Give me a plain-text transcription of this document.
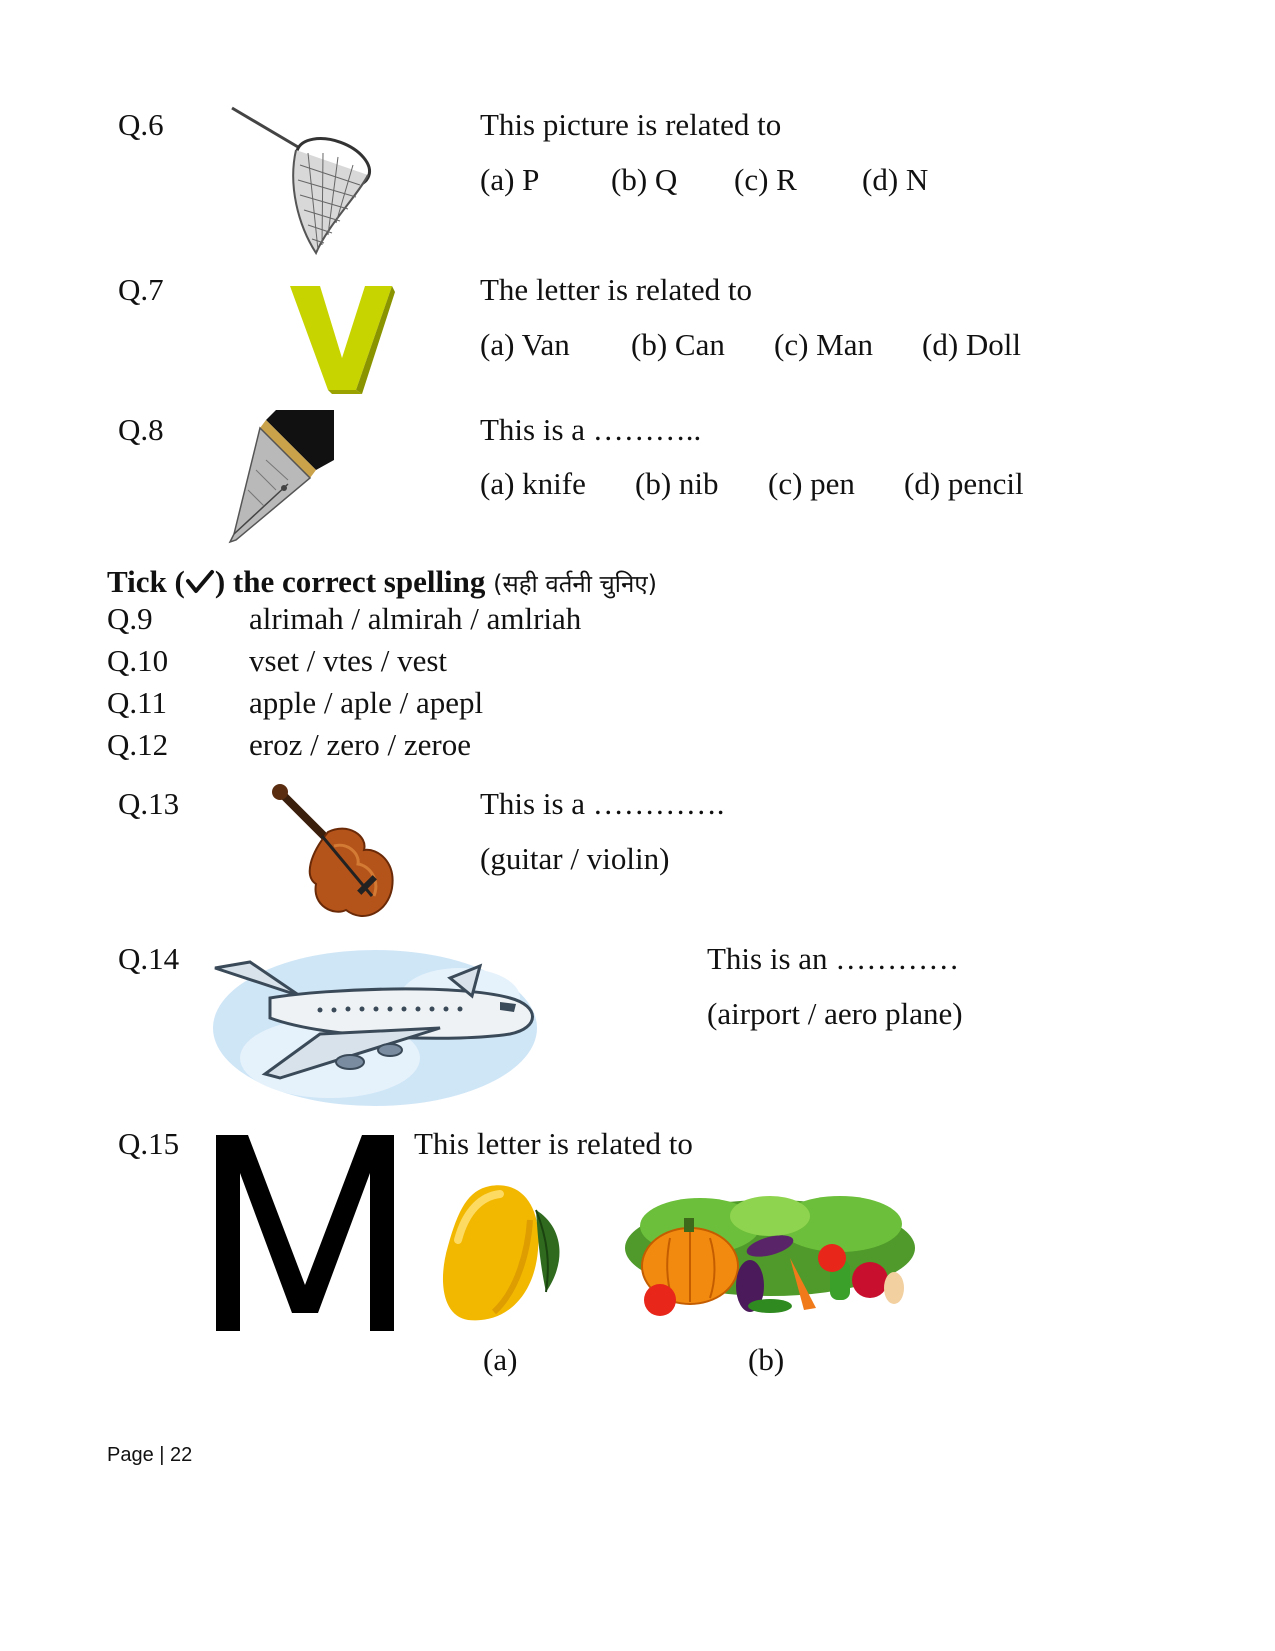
Q.6	This picture is related to
(a) P (b) Q (c) R (d) N
Q.7	The letter is related to
(a) Van (b) Can (c) Man (d) Doll
Q.8	This is a ………..
(a) knife (b) nib (c) pen (d) pencil
Tick ( ) the correct spelling (सही वर्तनी चुनिए)
Q.9	alrimah / almirah / amlriah
Q.10	vset / vtes / vest
Q.11	apple / aple / apepl
Q.12	eroz / zero / zeroe
Q.13	This is a ………….
(guitar / violin)
Q.14	This is an …………
(airport / aero plane)
Q.15	This letter is related to
(a)	(b)
Page | 22
